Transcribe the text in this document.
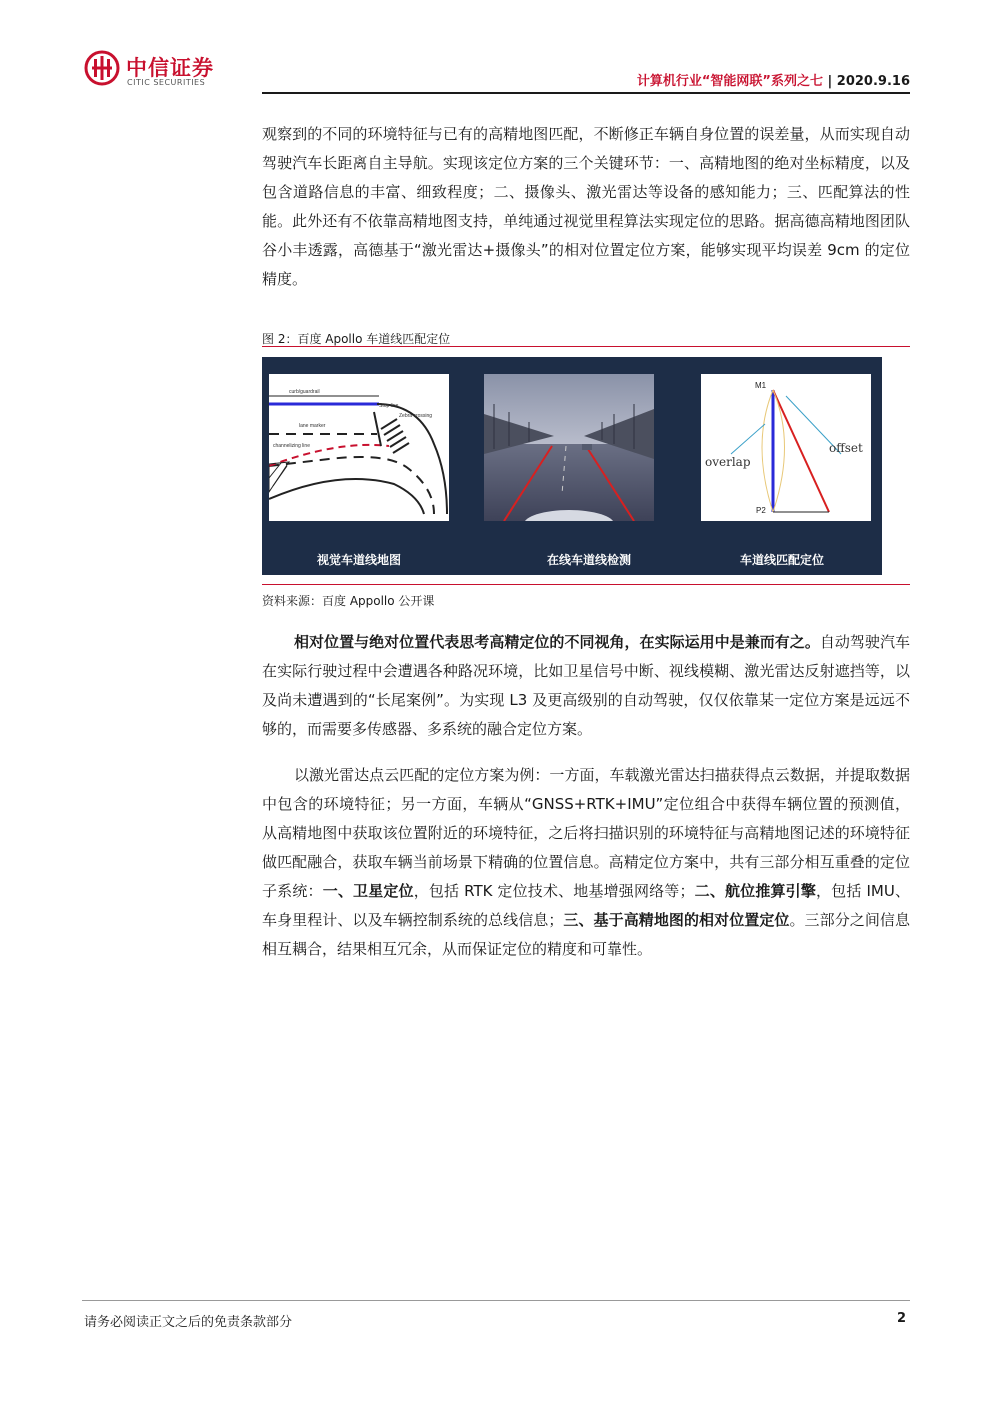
中信证券
CITIC SECURITIES	计算机行业“智能网联”系列之七 | 2020.9.16

观察到的不同的环境特征与已有的高精地图匹配，不断修正车辆自身位置的误差量，从而实现自动驾驶汽车长距离自主导航。实现该定位方案的三个关键环节：一、高精地图的绝对坐标精度，以及包含道路信息的丰富、细致程度；二、摄像头、激光雷达等设备的感知能力；三、匹配算法的性能。此外还有不依靠高精地图支持，单纯通过视觉里程算法实现定位的思路。据高德高精地图团队谷小丰透露，高德基于“激光雷达+摄像头”的相对位置定位方案，能够实现平均误差 9cm 的定位精度。

图 2：百度 Apollo 车道线匹配定位
curb/guardrail
lane marker
channelizing line
Stop line
Zebra crossing
M1
P2
overlap
offset
视觉车道线地图	在线车道线检测	车道线匹配定位
资料来源：百度 Appollo 公开课

相对位置与绝对位置代表思考高精定位的不同视角，在实际运用中是兼而有之。自动驾驶汽车在实际行驶过程中会遭遇各种路况环境，比如卫星信号中断、视线模糊、激光雷达反射遮挡等，以及尚未遭遇到的“长尾案例”。为实现 L3 及更高级别的自动驾驶，仅仅依靠某一定位方案是远远不够的，而需要多传感器、多系统的融合定位方案。

以激光雷达点云匹配的定位方案为例：一方面，车载激光雷达扫描获得点云数据，并提取数据中包含的环境特征；另一方面，车辆从“GNSS+RTK+IMU”定位组合中获得车辆位置的预测值，从高精地图中获取该位置附近的环境特征，之后将扫描识别的环境特征与高精地图记述的环境特征做匹配融合，获取车辆当前场景下精确的位置信息。高精定位方案中，共有三部分相互重叠的定位子系统：一、卫星定位，包括 RTK 定位技术、地基增强网络等；二、航位推算引擎，包括 IMU、车身里程计、以及车辆控制系统的总线信息；三、基于高精地图的相对位置定位。三部分之间信息相互耦合，结果相互冗余，从而保证定位的精度和可靠性。

请务必阅读正文之后的免责条款部分	2
